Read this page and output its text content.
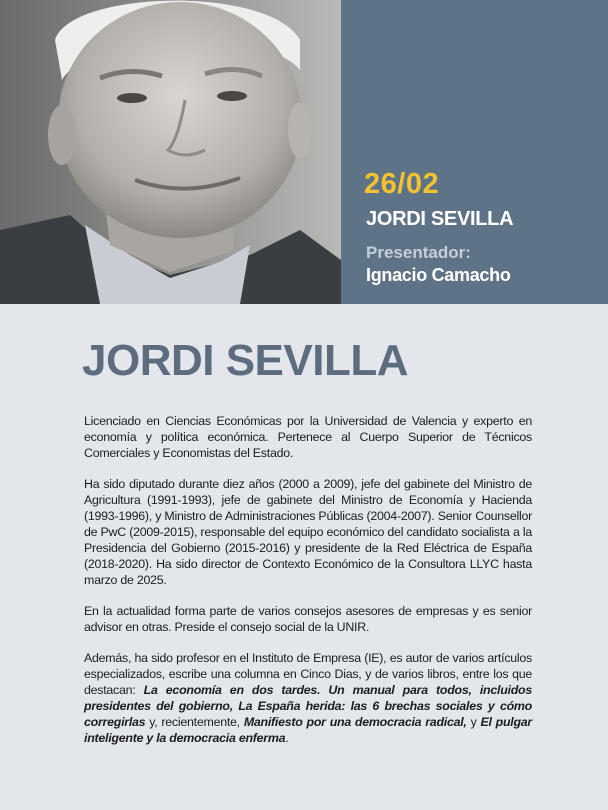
26/02
JORDI SEVILLA
Presentador:
Ignacio Camacho
JORDI SEVILLA

Licenciado en Ciencias Económicas por la Universidad de Valencia y experto en economía y política económica. Pertenece al Cuerpo Superior de Técnicos Comerciales y Economistas del Estado.

Ha sido diputado durante diez años (2000 a 2009), jefe del gabinete del Ministro de Agricultura (1991-1993), jefe de gabinete del Ministro de Economía y Hacienda (1993-1996), y Ministro de Administraciones Públicas (2004-2007). Senior Counsellor de PwC (2009-2015), responsable del equipo económico del candidato socialista a la Presidencia del Gobierno (2015-2016) y presidente de la Red Eléctrica de España (2018-2020). Ha sido director de Contexto Económico de la Consultora LLYC hasta marzo de 2025.

En la actualidad forma parte de varios consejos asesores de empresas y es senior advisor en otras. Preside el consejo social de la UNIR.

Además, ha sido profesor en el Instituto de Empresa (IE), es autor de varios artículos especializados, escribe una columna en Cinco Dias, y de varios libros, entre los que destacan: La economía en dos tardes. Un manual para todos, incluidos presidentes del gobierno, La España herida: las 6 brechas sociales y cómo corregirlas y, recientemente, Manifiesto por una democracia radical, y El pulgar inteligente y la democracia enferma.
